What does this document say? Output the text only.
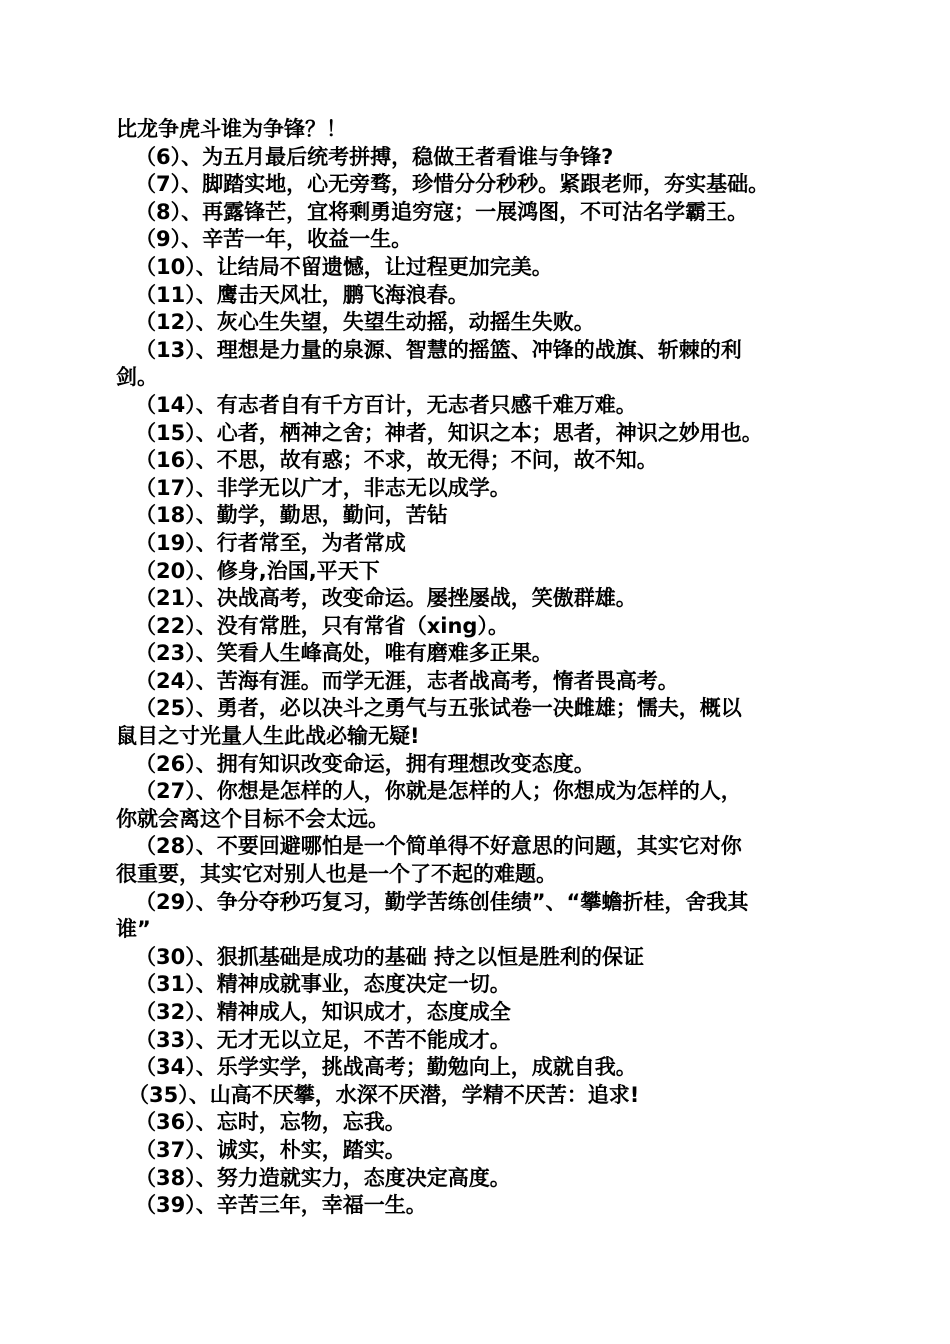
比龙争虎斗谁为争锋？！
（6）、为五月最后统考拼搏，稳做王者看谁与争锋?
（7）、脚踏实地，心无旁骛，珍惜分分秒秒。紧跟老师，夯实基础。
（8）、再露锋芒，宜将剩勇追穷寇；一展鸿图，不可沽名学霸王。
（9）、辛苦一年，收益一生。
（10）、让结局不留遗憾，让过程更加完美。
（11）、鹰击天风壮，鹏飞海浪春。
（12）、灰心生失望，失望生动摇，动摇生失败。
（13）、理想是力量的泉源、智慧的摇篮、冲锋的战旗、斩棘的利
剑。
（14）、有志者自有千方百计，无志者只感千难万难。
（15）、心者，栖神之舍；神者，知识之本；思者，神识之妙用也。
（16）、不思，故有惑；不求，故无得；不问，故不知。
（17）、非学无以广才，非志无以成学。
（18）、勤学，勤思，勤问，苦钻
（19）、行者常至，为者常成
（20）、修身,治国,平天下
（21）、决战高考，改变命运。屡挫屡战，笑傲群雄。
（22）、没有常胜，只有常省（xing）。
（23）、笑看人生峰高处，唯有磨难多正果。
（24）、苦海有涯。而学无涯，志者战高考，惰者畏高考。
（25）、勇者，必以决斗之勇气与五张试卷一决雌雄；懦夫，概以
鼠目之寸光量人生此战必输无疑!
（26）、拥有知识改变命运，拥有理想改变态度。
（27）、你想是怎样的人，你就是怎样的人；你想成为怎样的人，
你就会离这个目标不会太远。
（28）、不要回避哪怕是一个简单得不好意思的问题，其实它对你
很重要，其实它对别人也是一个了不起的难题。
（29）、争分夺秒巧复习，勤学苦练创佳绩”、“攀蟾折桂，舍我其
谁”
（30）、狠抓基础是成功的基础 持之以恒是胜利的保证
（31）、精神成就事业，态度决定一切。
（32）、精神成人，知识成才，态度成全
（33）、无才无以立足，不苦不能成才。
（34）、乐学实学，挑战高考；勤勉向上，成就自我。
（35）、山高不厌攀，水深不厌潜，学精不厌苦：追求!
（36）、忘时，忘物，忘我。
（37）、诚实，朴实，踏实。
（38）、努力造就实力，态度决定高度。
（39）、辛苦三年，幸福一生。
